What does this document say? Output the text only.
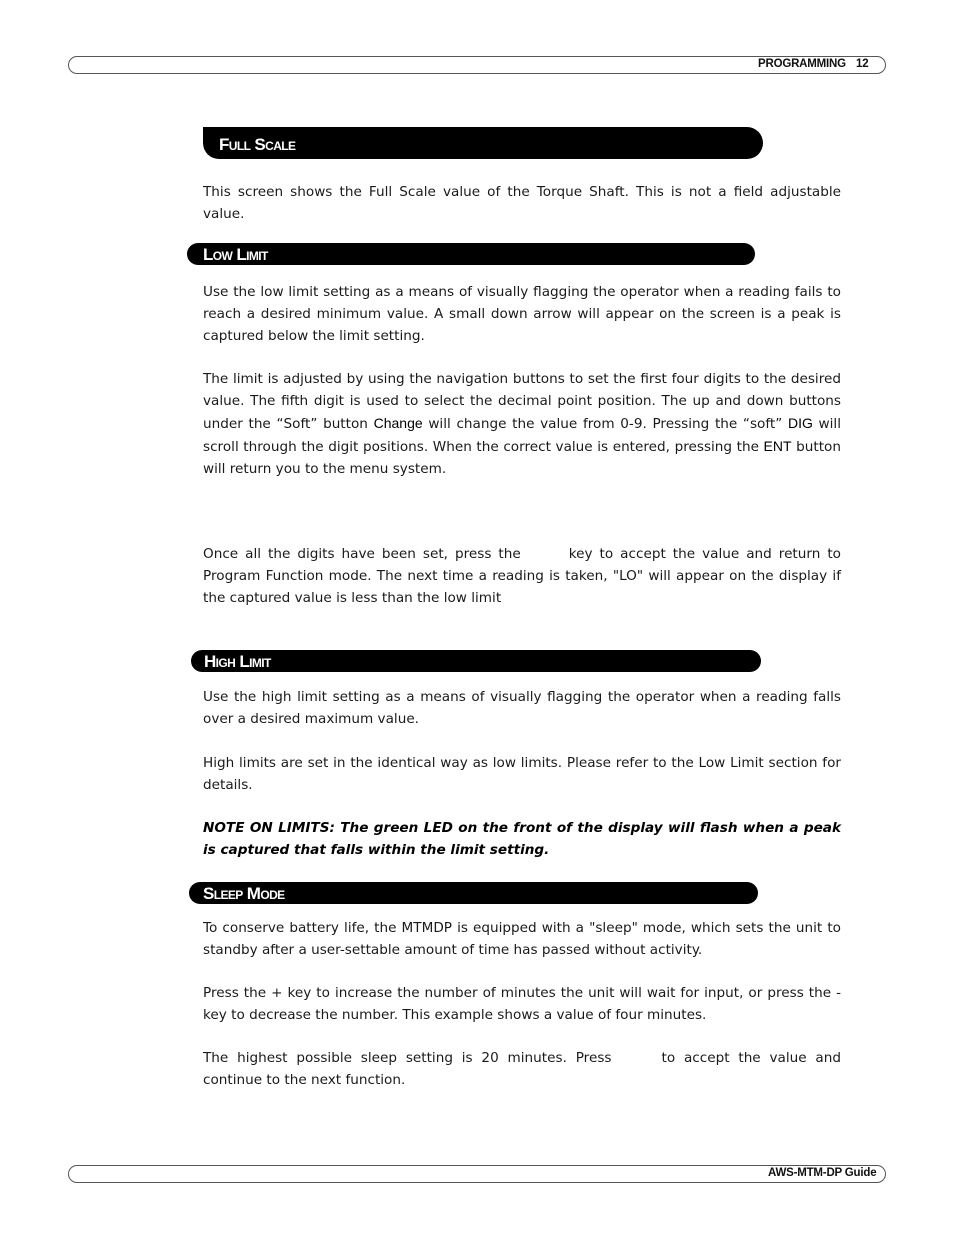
PROGRAMMING 12
Full Scale

This screen shows the Full Scale value of the Torque Shaft. This is not a field adjustable value.

Low Limit

Use the low limit setting as a means of visually flagging the operator when a reading fails to reach a desired minimum value. A small down arrow will appear on the screen is a peak is captured below the limit setting.

The limit is adjusted by using the navigation buttons to set the first four digits to the desired value. The fifth digit is used to select the decimal point position. The up and down buttons under the “Soft” button Change will change the value from 0-9. Pressing the “soft” DIG will scroll through the digit positions. When the correct value is entered, pressing the ENT button will return you to the menu system.

Once all the digits have been set, press the	key to accept the value and return to Program Function mode. The next time a reading is taken, "LO" will appear on the display if the captured value is less than the low limit

High Limit

Use the high limit setting as a means of visually flagging the operator when a reading falls over a desired maximum value.

High limits are set in the identical way as low limits. Please refer to the Low Limit section for details.

NOTE ON LIMITS: The green LED on the front of the display will flash when a peak is captured that falls within the limit setting.

Sleep Mode

To conserve battery life, the MTMDP is equipped with a "sleep" mode, which sets the unit to standby after a user-settable amount of time has passed without activity.

Press the + key to increase the number of minutes the unit will wait for input, or press the - key to decrease the number. This example shows a value of four minutes.

The highest possible sleep setting is 20 minutes. Press	to accept the value and continue to the next function.

AWS-MTM-DP Guide
